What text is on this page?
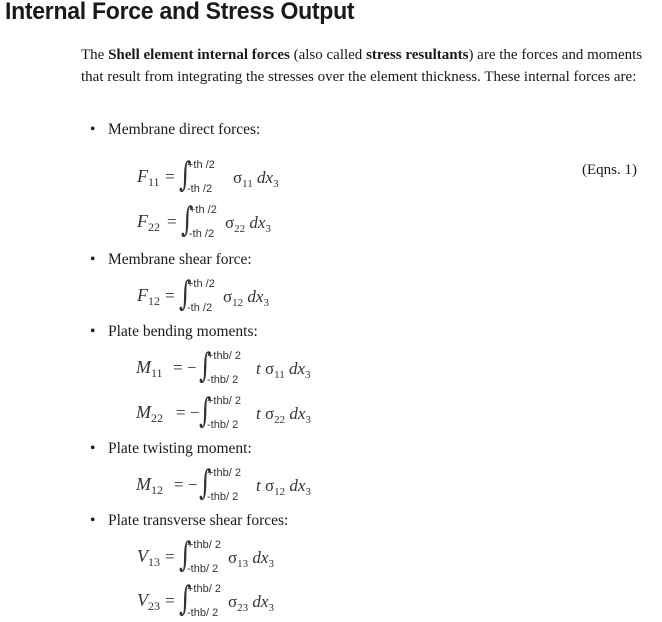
Internal Force and Stress Output
The Shell element internal forces (also called stress resultants) are the forces and moments that result from integrating the stresses over the element thickness. These internal forces are:
(Eqns. 1)
• Membrane direct forces:
• Membrane shear force:
• Plate bending moments:
• Plate twisting moment:
• Plate transverse shear forces:
$F_{11}$ = ∫
+th /2
-th /2
$\sigma_{11}$ $dx_3$
$F_{22}$ = ∫
+th /2
-th /2
$\sigma_{22}$ $dx_3$
$F_{12}$ = ∫
+th /2
-th /2
$\sigma_{12}$ $dx_3$
$M_{11}$ = − ∫
+thb/ 2
-thb/ 2
t $\sigma_{11}$ $dx_3$
$M_{22}$ = − ∫
+thb/ 2
-thb/ 2
t $\sigma_{22}$ $dx_3$
$M_{12}$ = − ∫
+thb/ 2
-thb/ 2
t $\sigma_{12}$ $dx_3$
$V_{13}$ = ∫
+thb/ 2
-thb/ 2
$\sigma_{13}$ $dx_3$
$V_{23}$ = ∫
+thb/ 2
-thb/ 2
$\sigma_{23}$ $dx_3$
